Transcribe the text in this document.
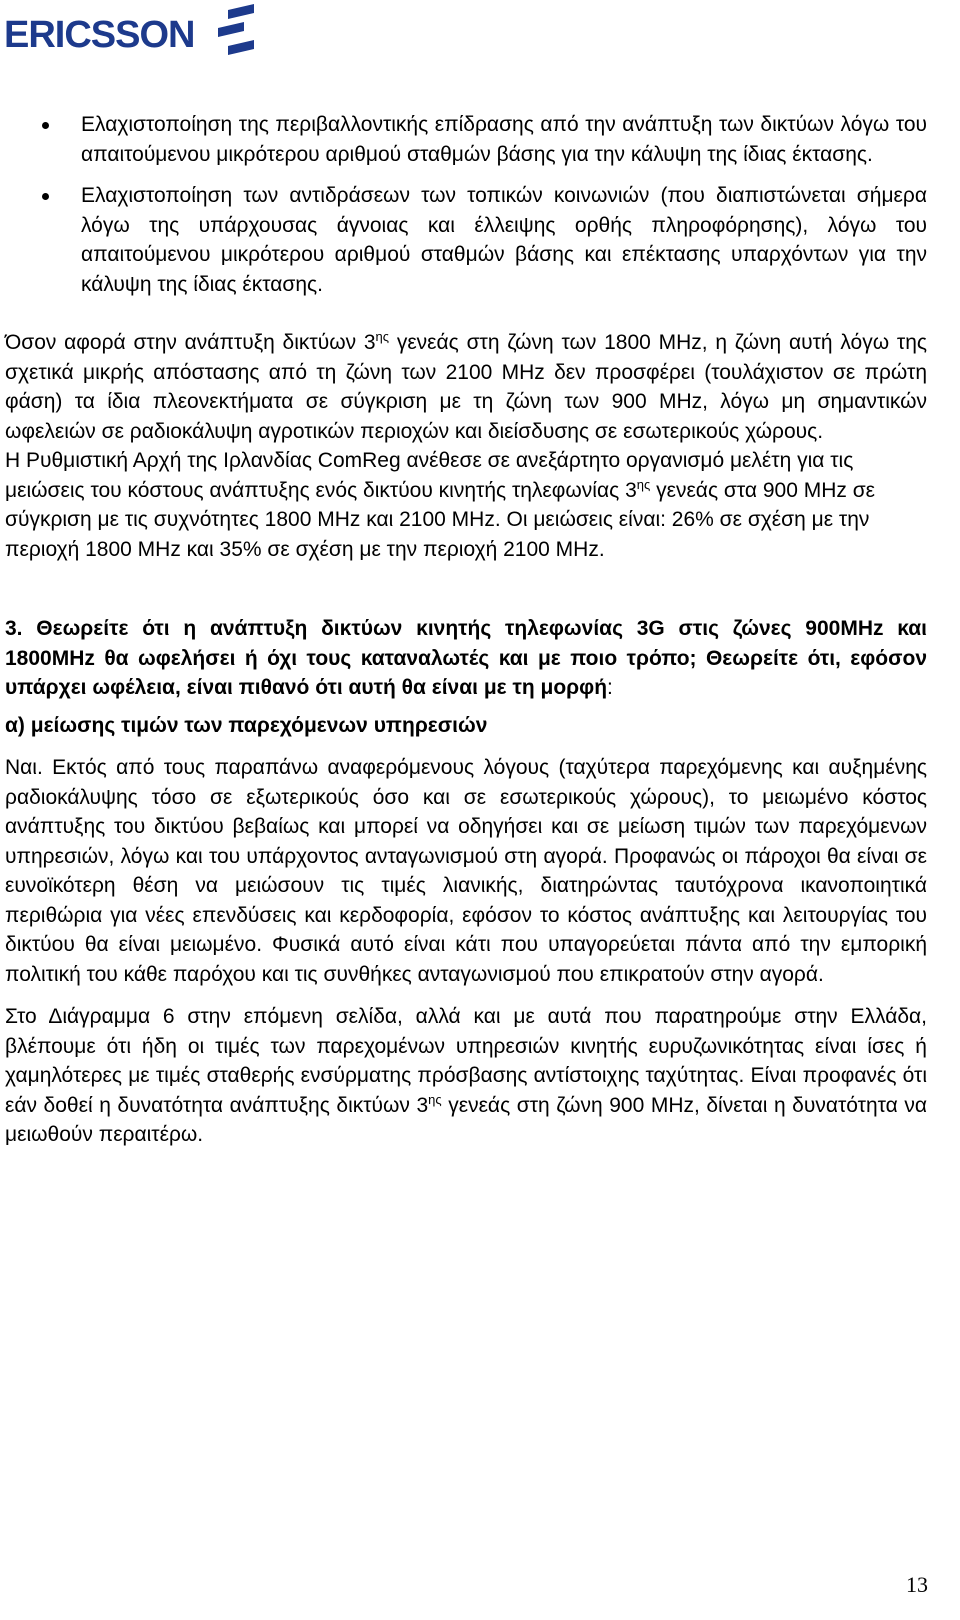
ERICSSON
Ελαχιστοποίηση της περιβαλλοντικής επίδρασης από την ανάπτυξη των δικτύων λόγω του απαιτούμενου μικρότερου αριθμού σταθμών βάσης για την κάλυψη της ίδιας έκτασης.
Ελαχιστοποίηση των αντιδράσεων των τοπικών κοινωνιών (που διαπιστώνεται σήμερα λόγω της υπάρχουσας άγνοιας και έλλειψης ορθής πληροφόρησης), λόγω του απαιτούμενου μικρότερου αριθμού σταθμών βάσης και επέκτασης υπαρχόντων για την κάλυψη της ίδιας έκτασης.

Όσον αφορά στην ανάπτυξη δικτύων $3^{\eta\varsigma}$ γενεάς στη ζώνη των 1800 MHz, η ζώνη αυτή λόγω της σχετικά μικρής απόστασης από τη ζώνη των 2100 MHz δεν προσφέρει (τουλάχιστον σε πρώτη φάση) τα ίδια πλεονεκτήματα σε σύγκριση με τη ζώνη των 900 MHz, λόγω μη σημαντικών ωφελειών σε ραδιοκάλυψη αγροτικών περιοχών και διείσδυσης σε εσωτερικούς χώρους.

Η Ρυθμιστική Αρχή της Ιρλανδίας ComReg ανέθεσε σε ανεξάρτητο οργανισμό μελέτη για τις μειώσεις του κόστους ανάπτυξης ενός δικτύου κινητής τηλεφωνίας $3^{\eta\varsigma}$ γενεάς στα 900 MHz σε σύγκριση με τις συχνότητες 1800 MHz και 2100 MHz. Οι μειώσεις είναι: 26% σε σχέση με την περιοχή 1800 MHz και 35% σε σχέση με την περιοχή 2100 MHz.

3. Θεωρείτε ότι η ανάπτυξη δικτύων κινητής τηλεφωνίας 3G στις ζώνες 900MHz και 1800MHz θα ωφελήσει ή όχι τους καταναλωτές και με ποιο τρόπο; Θεωρείτε ότι, εφόσον υπάρχει ωφέλεια, είναι πιθανό ότι αυτή θα είναι με τη μορφή:

α) μείωσης τιμών των παρεχόμενων υπηρεσιών

Ναι. Εκτός από τους παραπάνω αναφερόμενους λόγους (ταχύτερα παρεχόμενης και αυξημένης ραδιοκάλυψης τόσο σε εξωτερικούς όσο και σε εσωτερικούς χώρους), το μειωμένο κόστος ανάπτυξης του δικτύου βεβαίως και μπορεί να οδηγήσει και σε μείωση τιμών των παρεχόμενων υπηρεσιών, λόγω και του υπάρχοντος ανταγωνισμού στη αγορά. Προφανώς οι πάροχοι θα είναι σε ευνοϊκότερη θέση να μειώσουν τις τιμές λιανικής, διατηρώντας ταυτόχρονα ικανοποιητικά περιθώρια για νέες επενδύσεις και κερδοφορία, εφόσον το κόστος ανάπτυξης και λειτουργίας του δικτύου θα είναι μειωμένο. Φυσικά αυτό είναι κάτι που υπαγορεύεται πάντα από την εμπορική πολιτική του κάθε παρόχου και τις συνθήκες ανταγωνισμού που επικρατούν στην αγορά.

Στο Διάγραμμα 6 στην επόμενη σελίδα, αλλά και με αυτά που παρατηρούμε στην Ελλάδα, βλέπουμε ότι ήδη οι τιμές των παρεχομένων υπηρεσιών κινητής ευρυζωνικότητας είναι ίσες ή χαμηλότερες με τιμές σταθερής ενσύρματης πρόσβασης αντίστοιχης ταχύτητας. Είναι προφανές ότι εάν δοθεί η δυνατότητα ανάπτυξης δικτύων $3^{\eta\varsigma}$ γενεάς στη ζώνη 900 MHz, δίνεται η δυνατότητα να μειωθούν περαιτέρω.

13
